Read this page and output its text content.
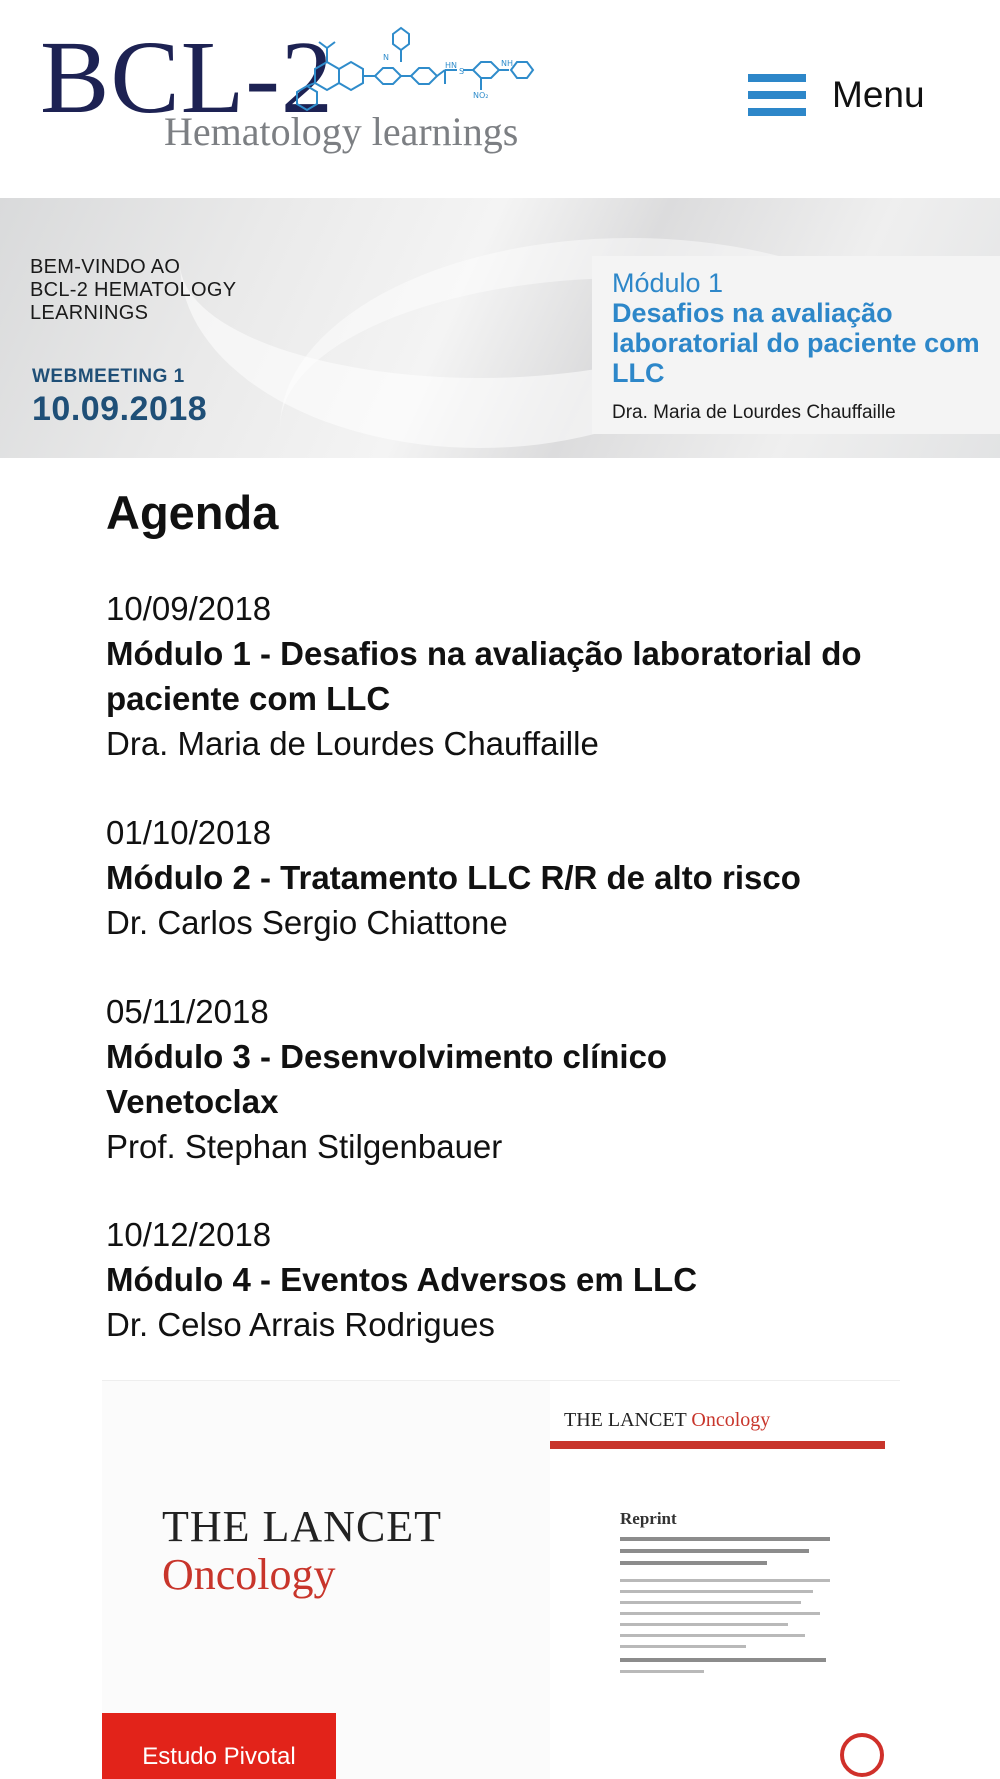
BCL-2
Hematology learnings
HN
S
NH
NO₂
N
Menu
BEM-VINDO AO
BCL-2 HEMATOLOGY
LEARNINGS
WEBMEETING 1
10.09.2018
Módulo 1
Desafios na avaliação laboratorial do paciente com LLC
Dra. Maria de Lourdes Chauffaille
Agenda
10/09/2018
Módulo 1 - Desafios na avaliação laboratorial do paciente com LLC
Dra. Maria de Lourdes Chauffaille
01/10/2018
Módulo 2 - Tratamento LLC R/R de alto risco
Dr. Carlos Sergio Chiattone
05/11/2018
Módulo 3 - Desenvolvimento clínico Venetoclax
Prof. Stephan Stilgenbauer
10/12/2018
Módulo 4 - Eventos Adversos em LLC
Dr. Celso Arrais Rodrigues
THE LANCET
Oncology
Estudo Pivotal
THE LANCET Oncology
Reprint
